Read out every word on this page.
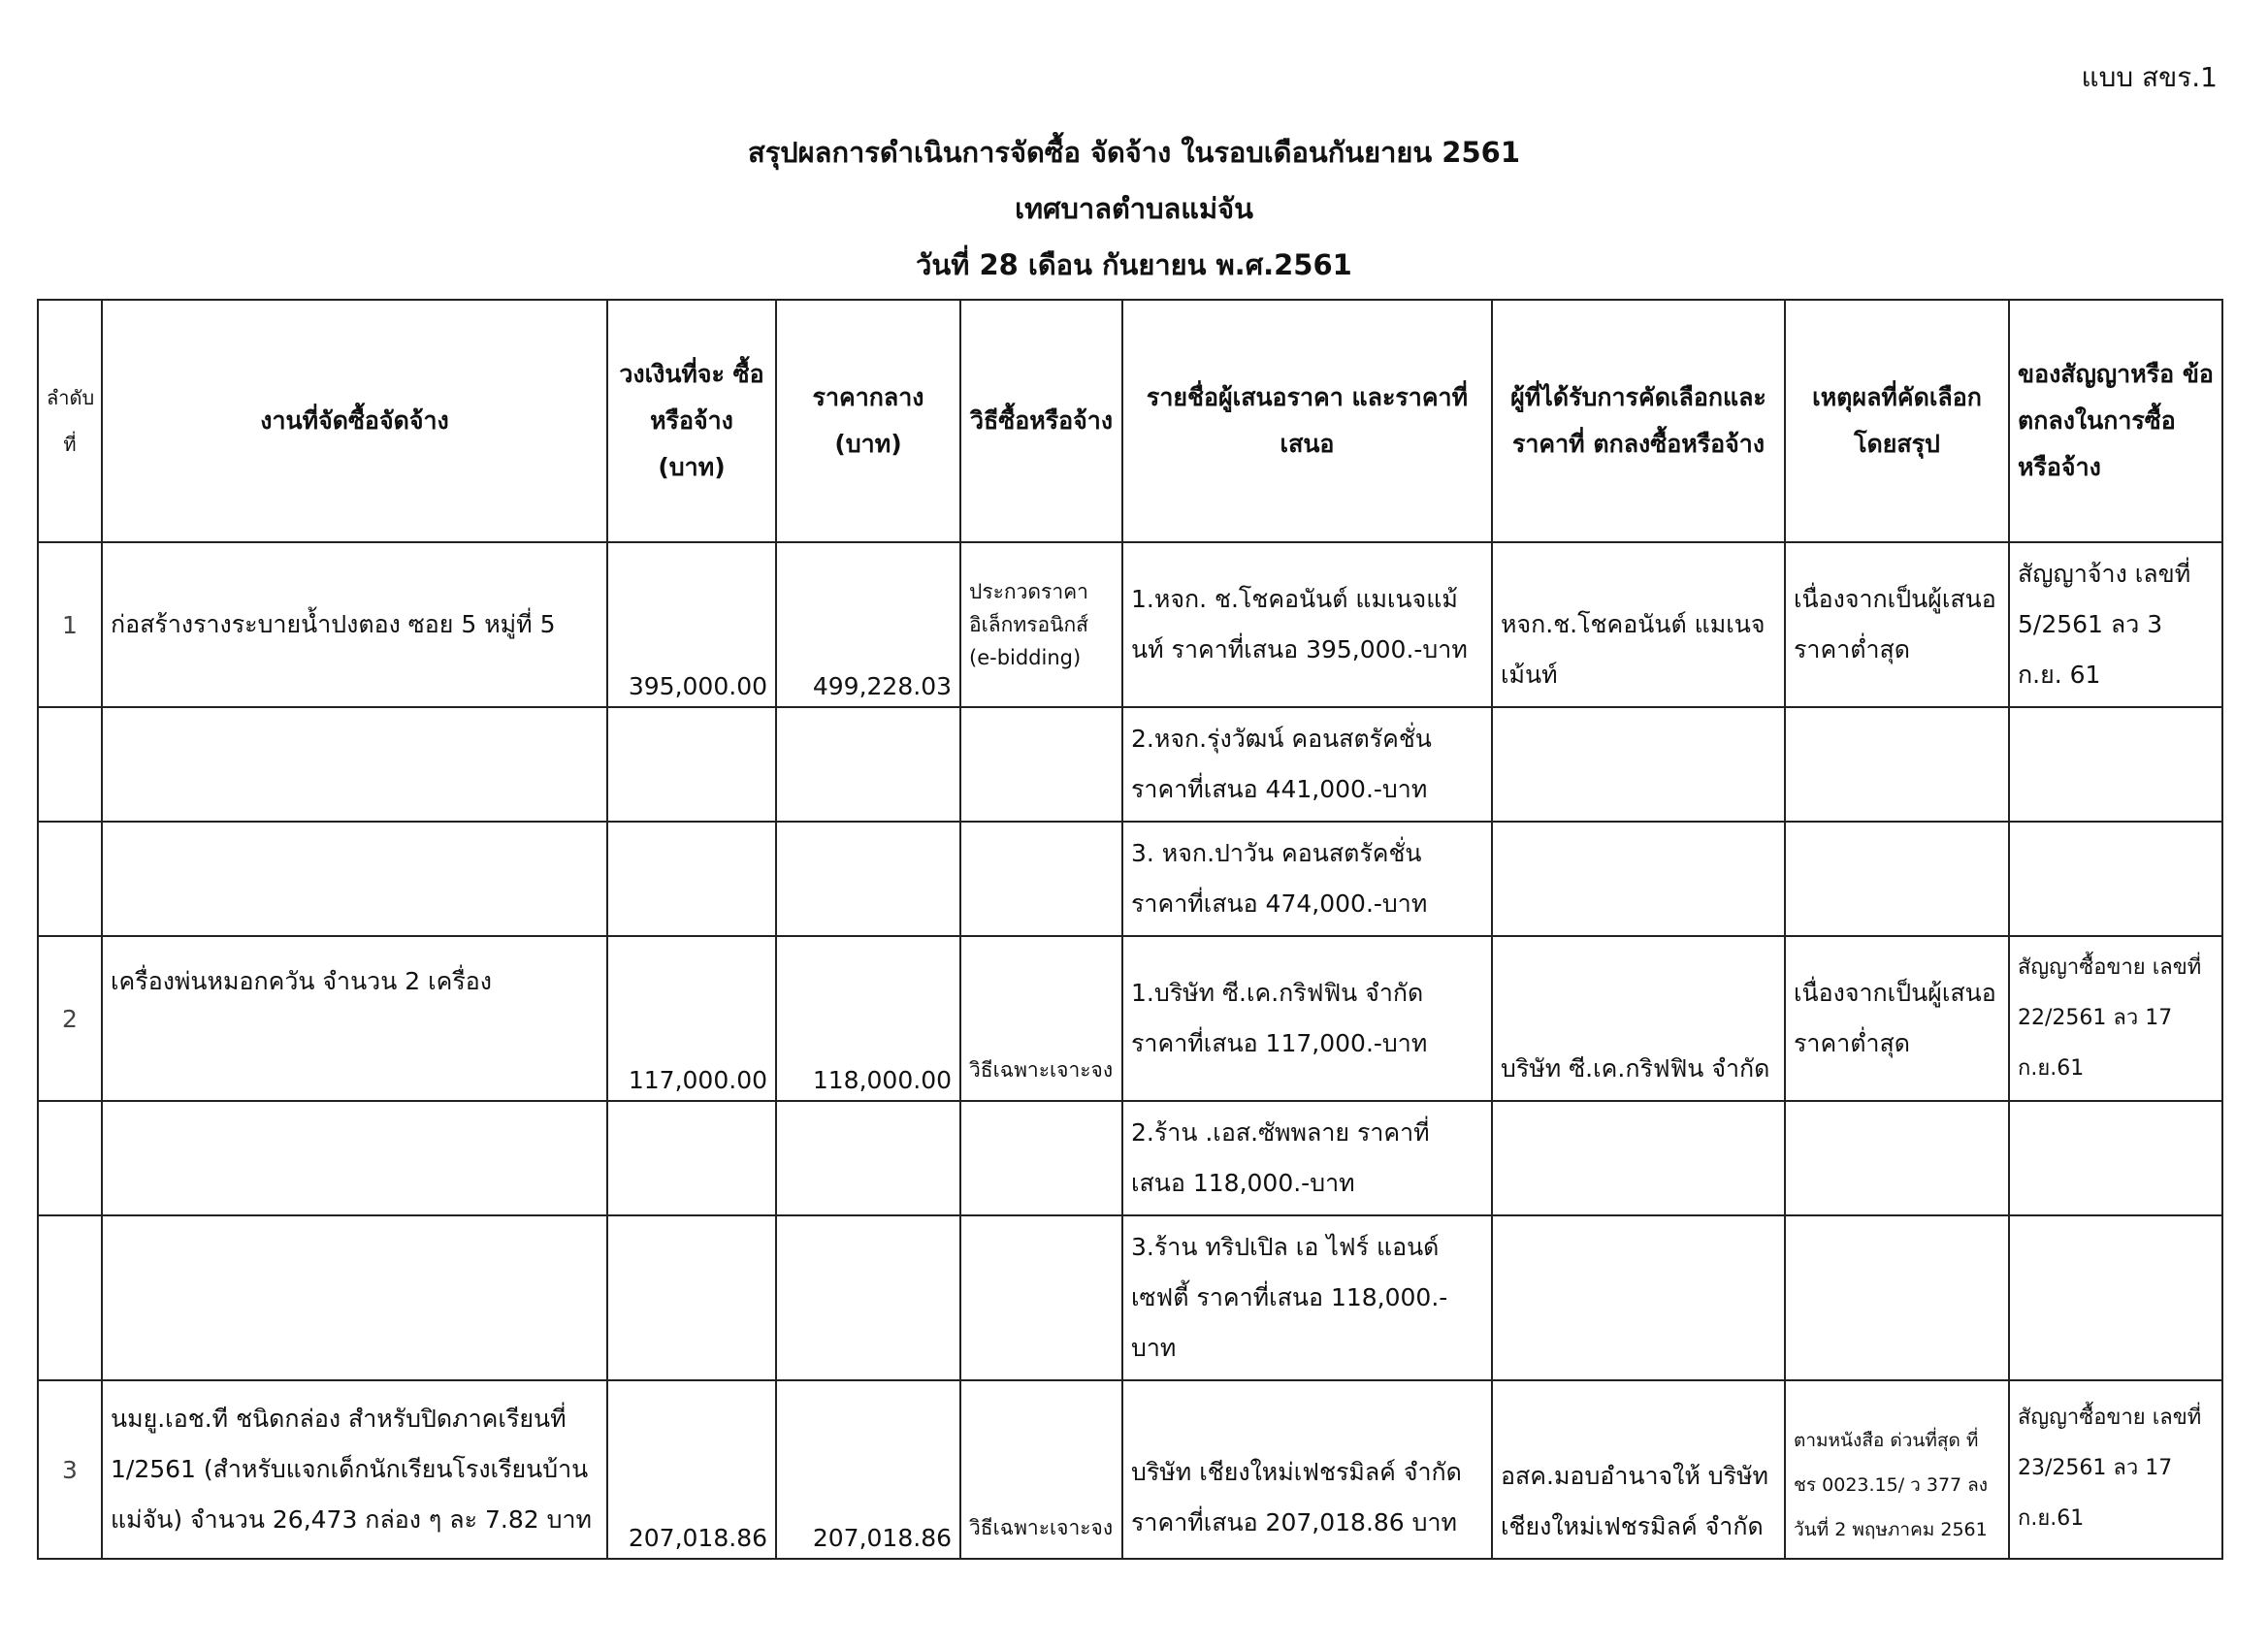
แบบ สขร.1
สรุปผลการดำเนินการจัดซื้อ จัดจ้าง ในรอบเดือนกันยายน 2561
เทศบาลตำบลแม่จัน
วันที่ 28 เดือน กันยายน พ.ศ.2561
ลำดับที่	งานที่จัดซื้อจัดจ้าง	วงเงินที่จะ ซื้อหรือจ้าง (บาท)	ราคากลาง (บาท)	วิธีซื้อหรือจ้าง	รายชื่อผู้เสนอราคา และราคาที่เสนอ	ผู้ที่ได้รับการคัดเลือกและ ราคาที่ ตกลงซื้อหรือจ้าง	เหตุผลที่คัดเลือก โดยสรุป	ของสัญญาหรือ ข้อตกลงในการซื้อ หรือจ้าง
1	ก่อสร้างรางระบายน้ำปงตอง ซอย 5 หมู่ที่ 5	395,000.00	499,228.03	ประกวดราคา อิเล็กทรอนิกส์ (e-bidding)	1.หจก. ช.โชคอนันต์ แมเนจแม้นท์ ราคาที่เสนอ 395,000.-บาท	หจก.ช.โชคอนันต์ แมเนจเม้นท์	เนื่องจากเป็นผู้เสนอราคาต่ำสุด	สัญญาจ้าง เลขที่ 5/2561 ลว 3 ก.ย. 61
					2.หจก.รุ่งวัฒน์ คอนสตรัคชั่น ราคาที่เสนอ 441,000.-บาท			
					3. หจก.ปาวัน คอนสตรัคชั่น ราคาที่เสนอ 474,000.-บาท			
2	เครื่องพ่นหมอกควัน จำนวน 2 เครื่อง	117,000.00	118,000.00	วิธีเฉพาะเจาะจง	1.บริษัท ซี.เค.กริฟฟิน จำกัด ราคาที่เสนอ 117,000.-บาท	บริษัท ซี.เค.กริฟฟิน จำกัด	เนื่องจากเป็นผู้เสนอราคาต่ำสุด	สัญญาซื้อขาย เลขที่ 22/2561 ลว 17 ก.ย.61
					2.ร้าน .เอส.ซัพพลาย ราคาที่เสนอ 118,000.-บาท			
					3.ร้าน ทริปเปิล เอ ไฟร์ แอนด์ เซฟตี้ ราคาที่เสนอ 118,000.-บาท			
3	นมยู.เอช.ที ชนิดกล่อง สำหรับปิดภาคเรียนที่ 1/2561 (สำหรับแจกเด็กนักเรียนโรงเรียนบ้านแม่จัน) จำนวน 26,473 กล่อง ๆ ละ 7.82 บาท	207,018.86	207,018.86	วิธีเฉพาะเจาะจง	บริษัท เชียงใหม่เฟชรมิลค์ จำกัด ราคาที่เสนอ 207,018.86 บาท	อสค.มอบอำนาจให้ บริษัท เชียงใหม่เฟชรมิลค์ จำกัด	ตามหนังสือ ด่วนที่สุด ที่ ชร 0023.15/ ว 377 ลง วันที่ 2 พฤษภาคม 2561	สัญญาซื้อขาย เลขที่ 23/2561 ลว 17 ก.ย.61
